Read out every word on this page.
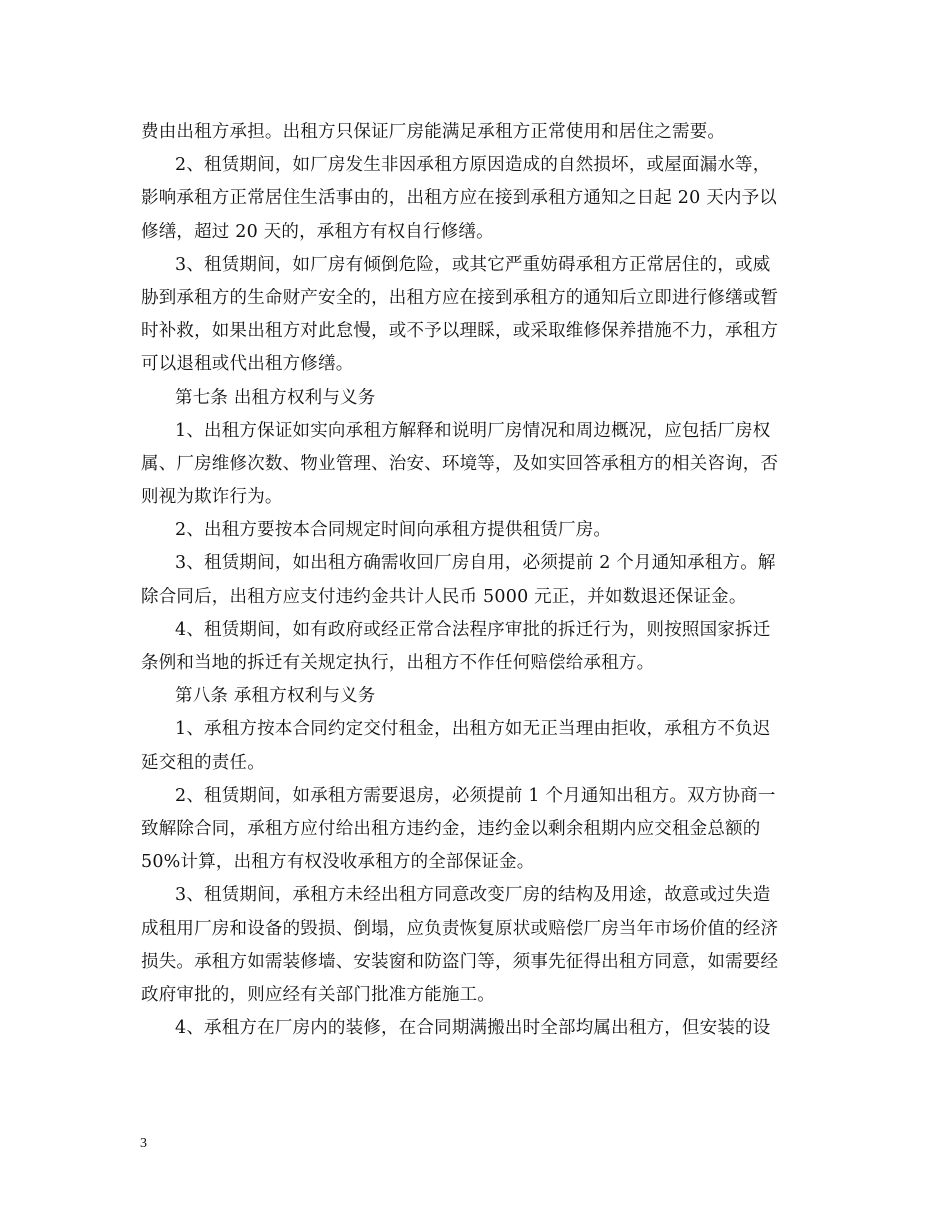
费由出租方承担。出租方只保证厂房能满足承租方正常使用和居住之需要。
2、租赁期间，如厂房发生非因承租方原因造成的自然损坏，或屋面漏水等，
影响承租方正常居住生活事由的，出租方应在接到承租方通知之日起 20 天内予以
修缮，超过 20 天的，承租方有权自行修缮。
3、租赁期间，如厂房有倾倒危险，或其它严重妨碍承租方正常居住的，或威
胁到承租方的生命财产安全的，出租方应在接到承租方的通知后立即进行修缮或暂
时补救，如果出租方对此怠慢，或不予以理睬，或采取维修保养措施不力，承租方
可以退租或代出租方修缮。
第七条 出租方权利与义务
1、出租方保证如实向承租方解释和说明厂房情况和周边概况，应包括厂房权
属、厂房维修次数、物业管理、治安、环境等，及如实回答承租方的相关咨询，否
则视为欺诈行为。
2、出租方要按本合同规定时间向承租方提供租赁厂房。
3、租赁期间，如出租方确需收回厂房自用，必须提前 2 个月通知承租方。解
除合同后，出租方应支付违约金共计人民币 5000 元正，并如数退还保证金。
4、租赁期间，如有政府或经正常合法程序审批的拆迁行为，则按照国家拆迁
条例和当地的拆迁有关规定执行，出租方不作任何赔偿给承租方。
第八条 承租方权利与义务
1、承租方按本合同约定交付租金，出租方如无正当理由拒收，承租方不负迟
延交租的责任。
2、租赁期间，如承租方需要退房，必须提前 1 个月通知出租方。双方协商一
致解除合同，承租方应付给出租方违约金，违约金以剩余租期内应交租金总额的
50%计算，出租方有权没收承租方的全部保证金。
3、租赁期间，承租方未经出租方同意改变厂房的结构及用途，故意或过失造
成租用厂房和设备的毁损、倒塌，应负责恢复原状或赔偿厂房当年市场价值的经济
损失。承租方如需装修墙、安装窗和防盗门等，须事先征得出租方同意，如需要经
政府审批的，则应经有关部门批准方能施工。
4、承租方在厂房内的装修，在合同期满搬出时全部均属出租方，但安装的设
3
